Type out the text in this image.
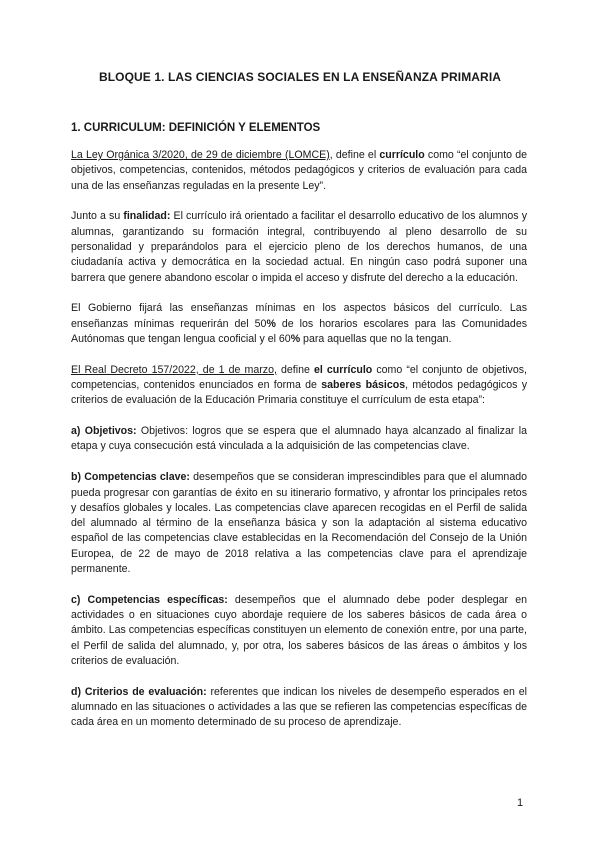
BLOQUE 1. LAS CIENCIAS SOCIALES EN LA ENSEÑANZA PRIMARIA
1. CURRICULUM: DEFINICIÓN Y ELEMENTOS

La Ley Orgánica 3/2020, de 29 de diciembre (LOMCE), define el currículo como “el conjunto de objetivos, competencias, contenidos, métodos pedagógicos y criterios de evaluación para cada una de las enseñanzas reguladas en la presente Ley”.

Junto a su finalidad: El currículo irá orientado a facilitar el desarrollo educativo de los alumnos y alumnas, garantizando su formación integral, contribuyendo al pleno desarrollo de su personalidad y preparándolos para el ejercicio pleno de los derechos humanos, de una ciudadanía activa y democrática en la sociedad actual. En ningún caso podrá suponer una barrera que genere abandono escolar o impida el acceso y disfrute del derecho a la educación.

El Gobierno fijará las enseñanzas mínimas en los aspectos básicos del currículo. Las enseñanzas mínimas requerirán del 50% de los horarios escolares para las Comunidades Autónomas que tengan lengua cooficial y el 60% para aquellas que no la tengan.

El Real Decreto 157/2022, de 1 de marzo, define el currículo como “el conjunto de objetivos, competencias, contenidos enunciados en forma de saberes básicos, métodos pedagógicos y criterios de evaluación de la Educación Primaria constituye el currículum de esta etapa”:

a) Objetivos: Objetivos: logros que se espera que el alumnado haya alcanzado al finalizar la etapa y cuya consecución está vinculada a la adquisición de las competencias clave.

b) Competencias clave: desempeños que se consideran imprescindibles para que el alumnado pueda progresar con garantías de éxito en su itinerario formativo, y afrontar los principales retos y desafíos globales y locales. Las competencias clave aparecen recogidas en el Perfil de salida del alumnado al término de la enseñanza básica y son la adaptación al sistema educativo español de las competencias clave establecidas en la Recomendación del Consejo de la Unión Europea, de 22 de mayo de 2018 relativa a las competencias clave para el aprendizaje permanente.

c) Competencias específicas: desempeños que el alumnado debe poder desplegar en actividades o en situaciones cuyo abordaje requiere de los saberes básicos de cada área o ámbito. Las competencias específicas constituyen un elemento de conexión entre, por una parte, el Perfil de salida del alumnado, y, por otra, los saberes básicos de las áreas o ámbitos y los criterios de evaluación.

d) Criterios de evaluación: referentes que indican los niveles de desempeño esperados en el alumnado en las situaciones o actividades a las que se refieren las competencias específicas de cada área en un momento determinado de su proceso de aprendizaje.

1
